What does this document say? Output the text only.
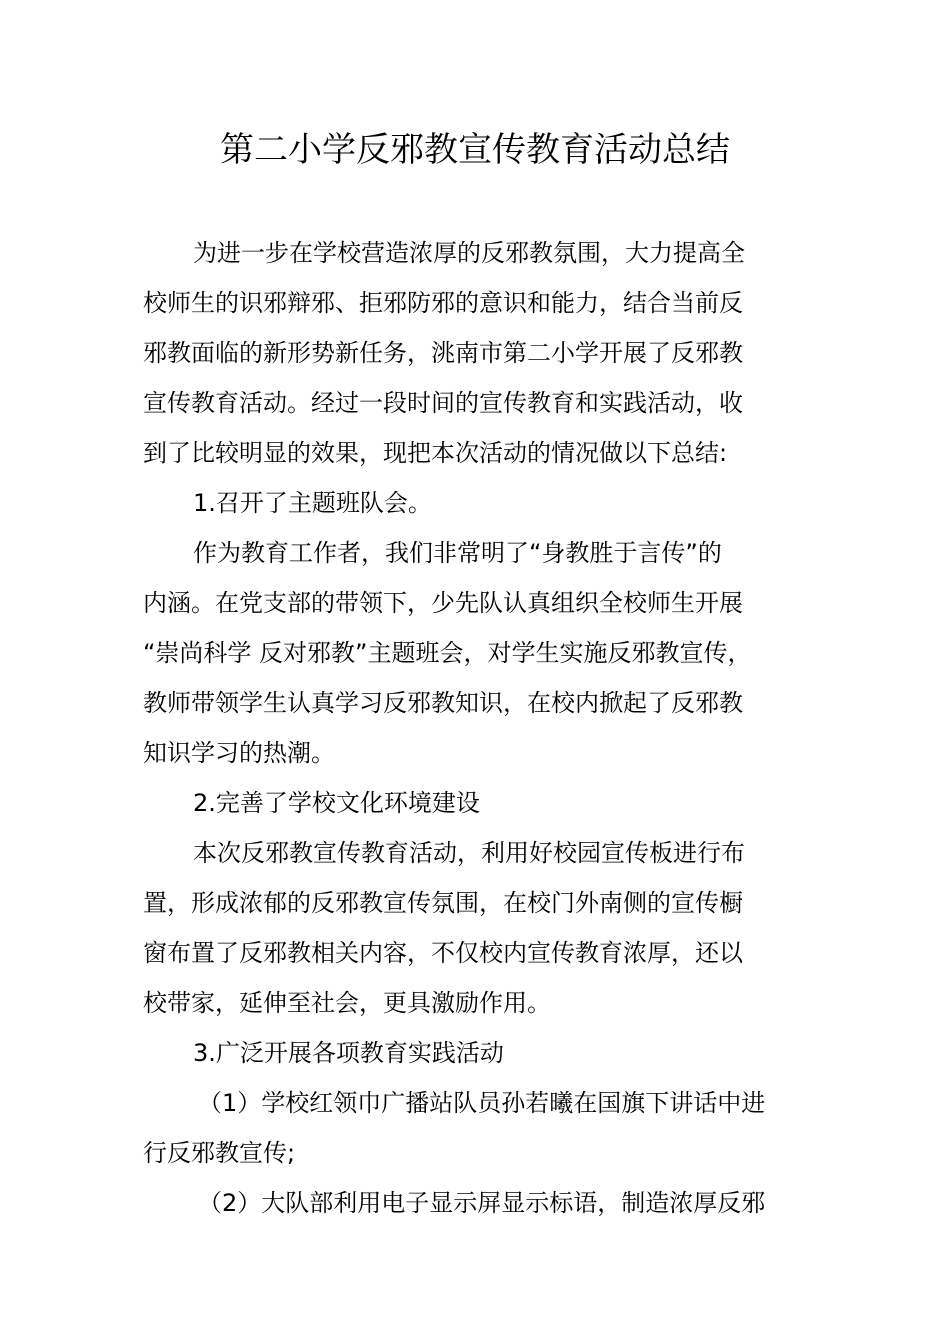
第二小学反邪教宣传教育活动总结
为进一步在学校营造浓厚的反邪教氛围，大力提高全
校师生的识邪辩邪、拒邪防邪的意识和能力，结合当前反
邪教面临的新形势新任务，洮南市第二小学开展了反邪教
宣传教育活动。经过一段时间的宣传教育和实践活动，收
到了比较明显的效果，现把本次活动的情况做以下总结:
1.召开了主题班队会。
作为教育工作者，我们非常明了“身教胜于言传”的
内涵。在党支部的带领下，少先队认真组织全校师生开展
“崇尚科学 反对邪教”主题班会，对学生实施反邪教宣传，
教师带领学生认真学习反邪教知识，在校内掀起了反邪教
知识学习的热潮。
2.完善了学校文化环境建设
本次反邪教宣传教育活动，利用好校园宣传板进行布
置，形成浓郁的反邪教宣传氛围，在校门外南侧的宣传橱
窗布置了反邪教相关内容，不仅校内宣传教育浓厚，还以
校带家，延伸至社会，更具激励作用。
3.广泛开展各项教育实践活动
（1）学校红领巾广播站队员孙若曦在国旗下讲话中进
行反邪教宣传;
（2）大队部利用电子显示屏显示标语，制造浓厚反邪
